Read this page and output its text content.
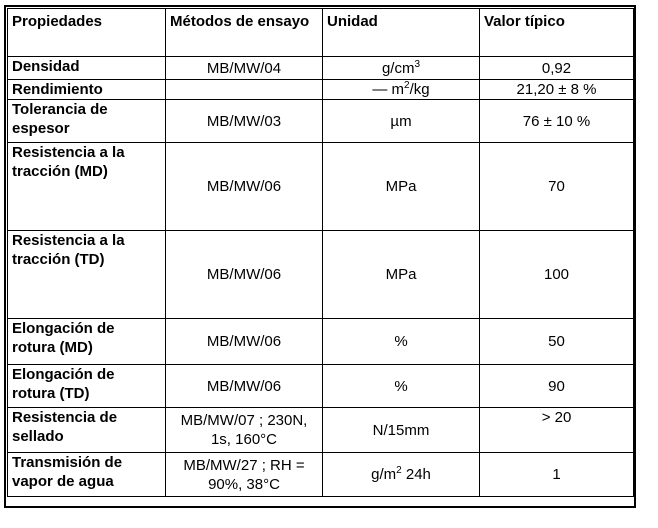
Propiedades	Métodos de ensayo	Unidad	Valor típico
Densidad	MB/MW/04	$g/cm^3$	0,92
Rendimiento		— $m^2/kg$	21,20 ± 8 %
Tolerancia de espesor	MB/MW/03	µm	76 ± 10 %
Resistencia a la tracción (MD)	MB/MW/06	MPa	70
Resistencia a la tracción (TD)	MB/MW/06	MPa	100
Elongación de rotura (MD)	MB/MW/06	%	50
Elongación de rotura (TD)	MB/MW/06	%	90
Resistencia de sellado	MB/MW/07 ; 230N, 1s, 160°C	N/15mm	> 20
Transmisión de vapor de agua	MB/MW/27 ; RH = 90%, 38°C	$g/m^2$ 24h	1
